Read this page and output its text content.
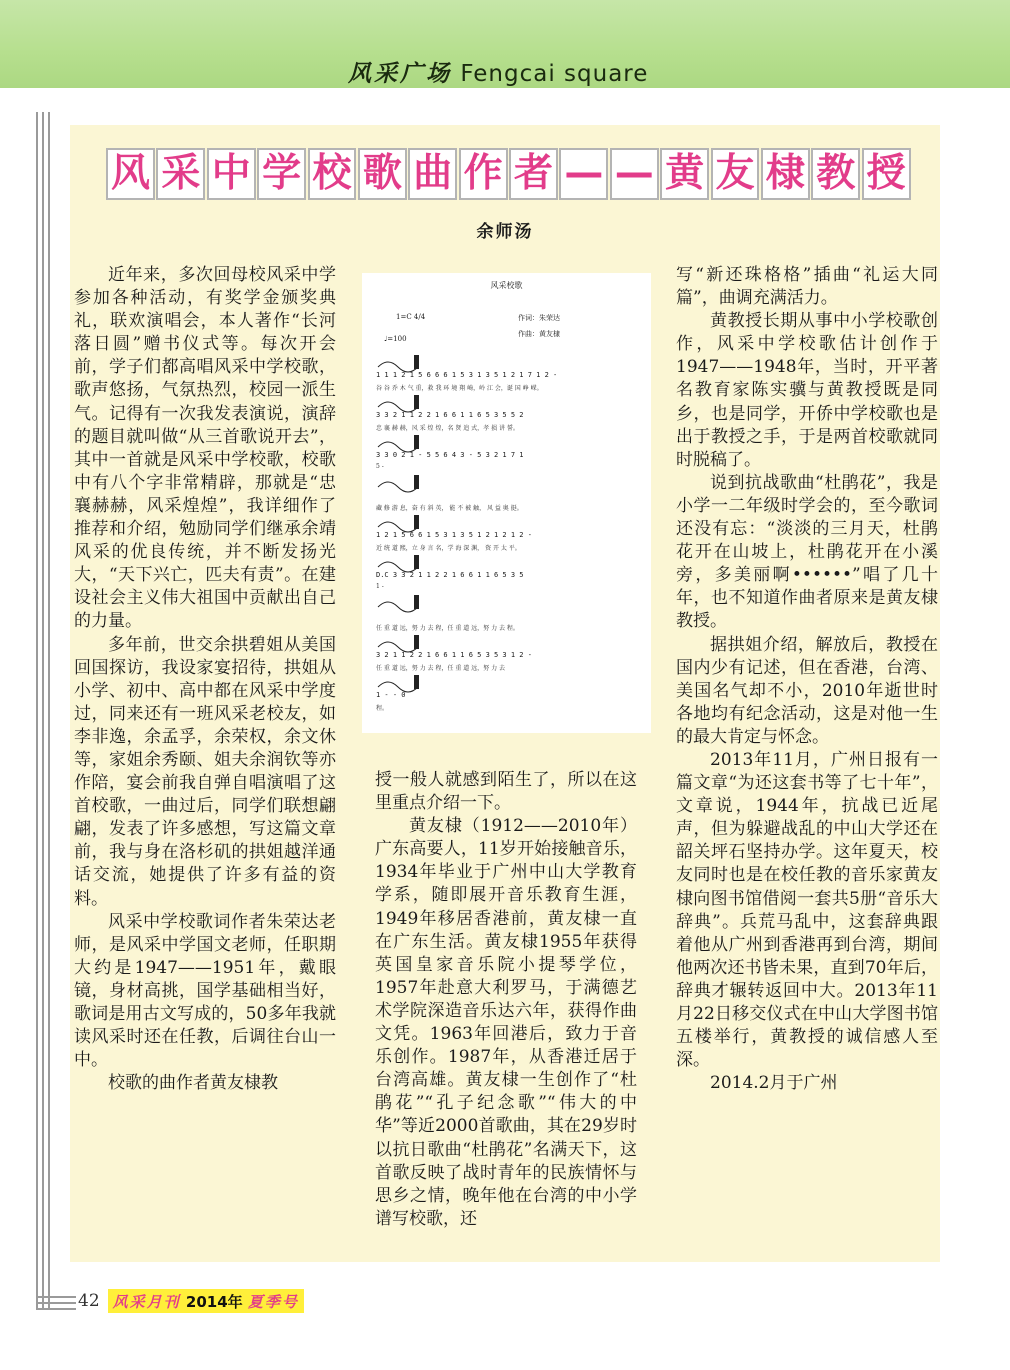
风采广场 Fengcai square
风 采 中 学 校 歌 曲 作 者 — — 黄 友 棣 教 授
余师汤

近年来，多次回母校风采中学参加各种活动，有奖学金颁奖典礼，联欢演唱会，本人著作“长河落日圆”赠书仪式等。每次开会前，学子们都高唱风采中学校歌，歌声悠扬，气氛热烈，校园一派生气。记得有一次我发表演说，演辞的题目就叫做“从三首歌说开去”，其中一首就是风采中学校歌，校歌中有八个字非常精辟，那就是“忠襄赫赫，风采煌煌”，我详细作了推荐和介绍，勉励同学们继承余靖风采的优良传统，并不断发扬光大，“天下兴亡，匹夫有责”。在建设社会主义伟大祖国中贡献出自己的力量。

多年前，世交余拱碧姐从美国回国探访，我设家宴招待，拱姐从小学、初中、高中都在风采中学度过，同来还有一班风采老校友，如李非逸，余孟孚，余荣权，余文休等，家姐余秀颐、姐夫余润钦等亦作陪，宴会前我自弹自唱演唱了这首校歌，一曲过后，同学们联想翩翩，发表了许多感想，写这篇文章前，我与身在洛杉矶的拱姐越洋通话交流，她提供了许多有益的资料。

风采中学校歌词作者朱荣达老师，是风采中学国文老师，任职期大约是1947——1951年，戴眼镜，身材高挑，国学基础相当好，歌词是用古文写成的，50多年我就读风采时还在任教，后调往台山一中。

校歌的曲作者黄友棣教

风采校歌
1=C 4/4
♩=100
作词：朱荣达
作曲：黄友棣
1 1 1 2 1 5 6 6 6 1 5 3 1 3 5 1 2 1 7 1 2 -
谷 谷 乔 木 气 重，救 我 环 境 翔 崎，岭 江 会，诞 国 峥 嵘。
3 3 2 1 1 2 2 1 6 6 1 1 6 5 3 5 5 2
忠 襄 赫 赫，风 采 煌 煌，名 贤 追 式，孝 损 讲 誓。
3 3 0 2 1 - 5 5 6 4 3 - 5 3 2 1 7 1
5 -
藏 修 游 息，奋 有 斜 英， 能 不 被 触， 风 益 奥 挺。
1 2 1 5 6 6 1 5 3 1 3 5 1 2 1 2 1 2 -
近 统 道 熙，立 身 言 名，学 海 深 渊， 资 开 太 平。
D.C 3 3 2 1 1 2 2 1 6 6 1 1 6 5 3 5
1 -
任 重 道 远，努 力 去 程，任 重 道 远，努 力 去 程。
3 2 1 1 2 2 1 6 6 1 1 6 5 3 5 3 1 2 -
任 重 道 远，努 力 去 程，任 重 道 远，努 力 去
1 - - 0
程。

授一般人就感到陌生了，所以在这里重点介绍一下。

黄友棣（1912——2010年）广东高要人，11岁开始接触音乐，1934年毕业于广州中山大学教育学系，随即展开音乐教育生涯，1949年移居香港前，黄友棣一直在广东生活。黄友棣1955年获得英国皇家音乐院小提琴学位，1957年赴意大利罗马，于满德艺术学院深造音乐达六年，获得作曲文凭。1963年回港后，致力于音乐创作。1987年，从香港迁居于台湾高雄。黄友棣一生创作了“杜鹃花”“孔子纪念歌”“伟大的中华”等近2000首歌曲，其在29岁时以抗日歌曲“杜鹃花”名满天下，这首歌反映了战时青年的民族情怀与思乡之情，晚年他在台湾的中小学谱写校歌，还

写“新还珠格格”插曲“礼运大同篇”，曲调充满活力。

黄教授长期从事中小学校歌创作，风采中学校歌估计创作于1947——1948年，当时，开平著名教育家陈实骥与黄教授既是同乡，也是同学，开侨中学校歌也是出于教授之手，于是两首校歌就同时脱稿了。

说到抗战歌曲“杜鹃花”，我是小学一二年级时学会的，至今歌词还没有忘：“淡淡的三月天，杜鹃花开在山坡上，杜鹃花开在小溪旁，多美丽啊••••••”唱了几十年，也不知道作曲者原来是黄友棣教授。

据拱姐介绍，解放后，教授在国内少有记述，但在香港，台湾、美国名气却不小，2010年逝世时各地均有纪念活动，这是对他一生的最大肯定与怀念。

2013年11月，广州日报有一篇文章“为还这套书等了七十年”，文章说，1944年，抗战已近尾声，但为躲避战乱的中山大学还在韶关坪石坚持办学。这年夏天，校友同时也是在校任教的音乐家黄友棣向图书馆借阅一套共5册“音乐大辞典”。兵荒马乱中，这套辞典跟着他从广州到香港再到台湾，期间他两次还书皆未果，直到70年后，辞典才辗转返回中大。2013年11月22日移交仪式在中山大学图书馆五楼举行，黄教授的诚信感人至深。

2014.2月于广州

42 风采月刊 2014年 夏季号
